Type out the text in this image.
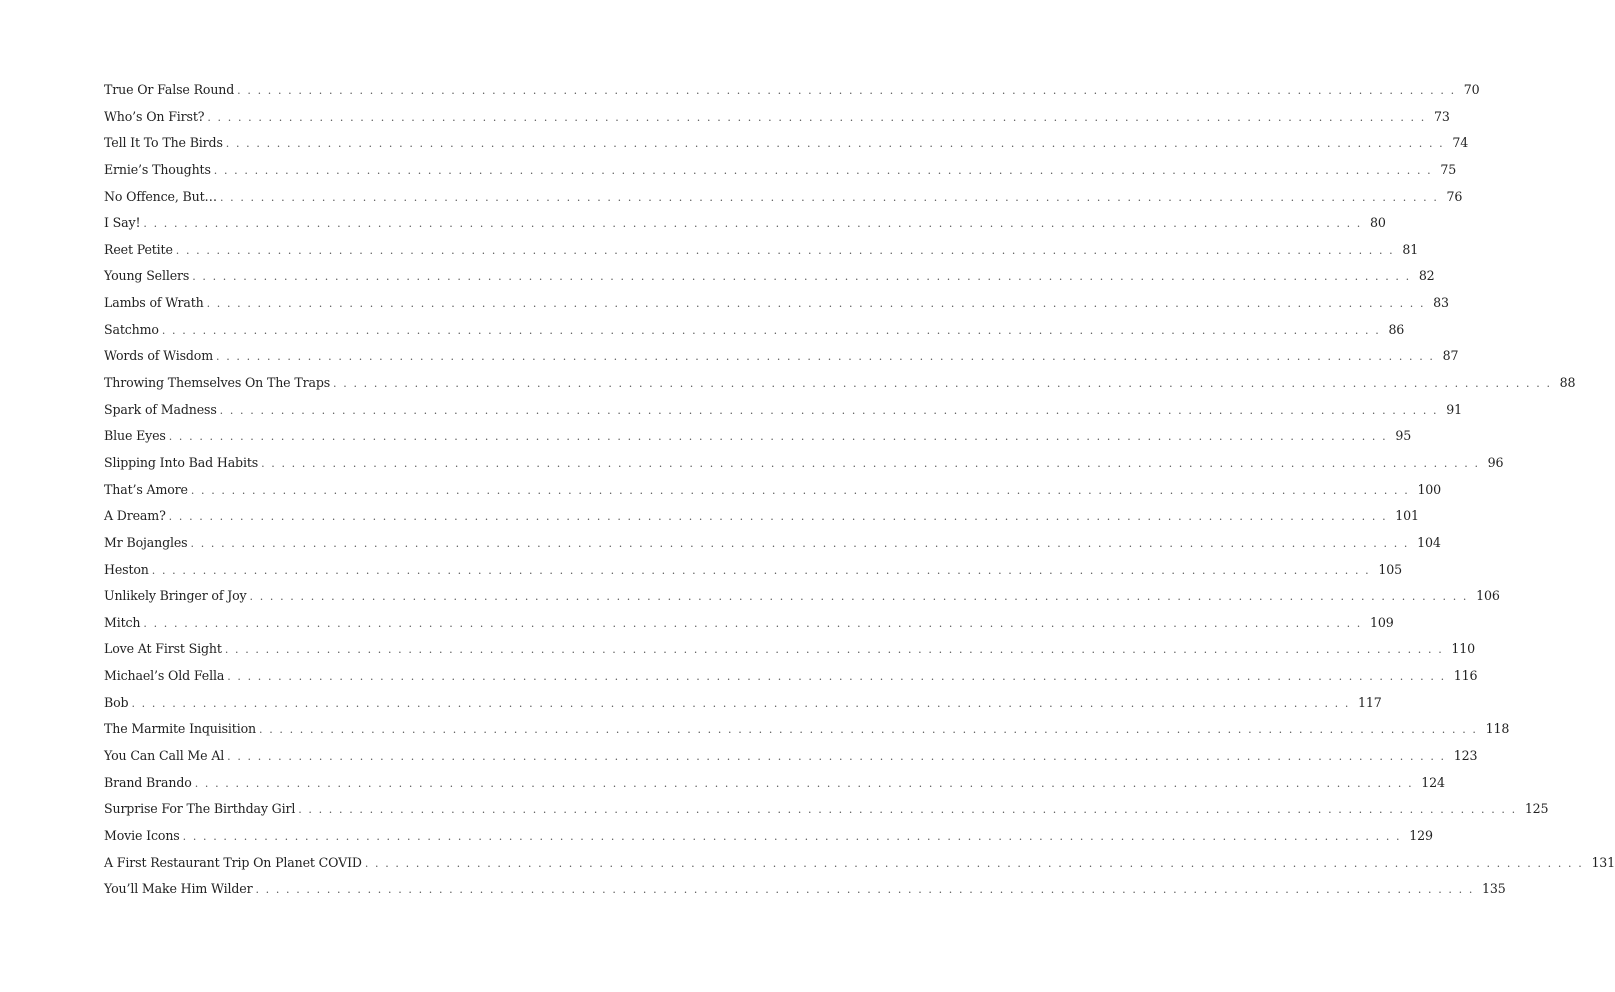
True Or False Round ........................................................................................................................ 70
Who’s On First? ........................................................................................................................ 73
Tell It To The Birds ........................................................................................................................ 74
Ernie’s Thoughts ........................................................................................................................ 75
No Offence, But… ........................................................................................................................ 76
I Say! ........................................................................................................................ 80
Reet Petite ........................................................................................................................ 81
Young Sellers ........................................................................................................................ 82
Lambs of Wrath ........................................................................................................................ 83
Satchmo ........................................................................................................................ 86
Words of Wisdom ........................................................................................................................ 87
Throwing Themselves On The Traps ........................................................................................................................ 88
Spark of Madness ........................................................................................................................ 91
Blue Eyes ........................................................................................................................ 95
Slipping Into Bad Habits ........................................................................................................................ 96
That’s Amore ........................................................................................................................ 100
A Dream? ........................................................................................................................ 101
Mr Bojangles ........................................................................................................................ 104
Heston ........................................................................................................................ 105
Unlikely Bringer of Joy ........................................................................................................................ 106
Mitch ........................................................................................................................ 109
Love At First Sight ........................................................................................................................ 110
Michael’s Old Fella ........................................................................................................................ 116
Bob ........................................................................................................................ 117
The Marmite Inquisition ........................................................................................................................ 118
You Can Call Me Al ........................................................................................................................ 123
Brand Brando ........................................................................................................................ 124
Surprise For The Birthday Girl ........................................................................................................................ 125
Movie Icons ........................................................................................................................ 129
A First Restaurant Trip On Planet COVID ........................................................................................................................ 131
You’ll Make Him Wilder ........................................................................................................................ 135
